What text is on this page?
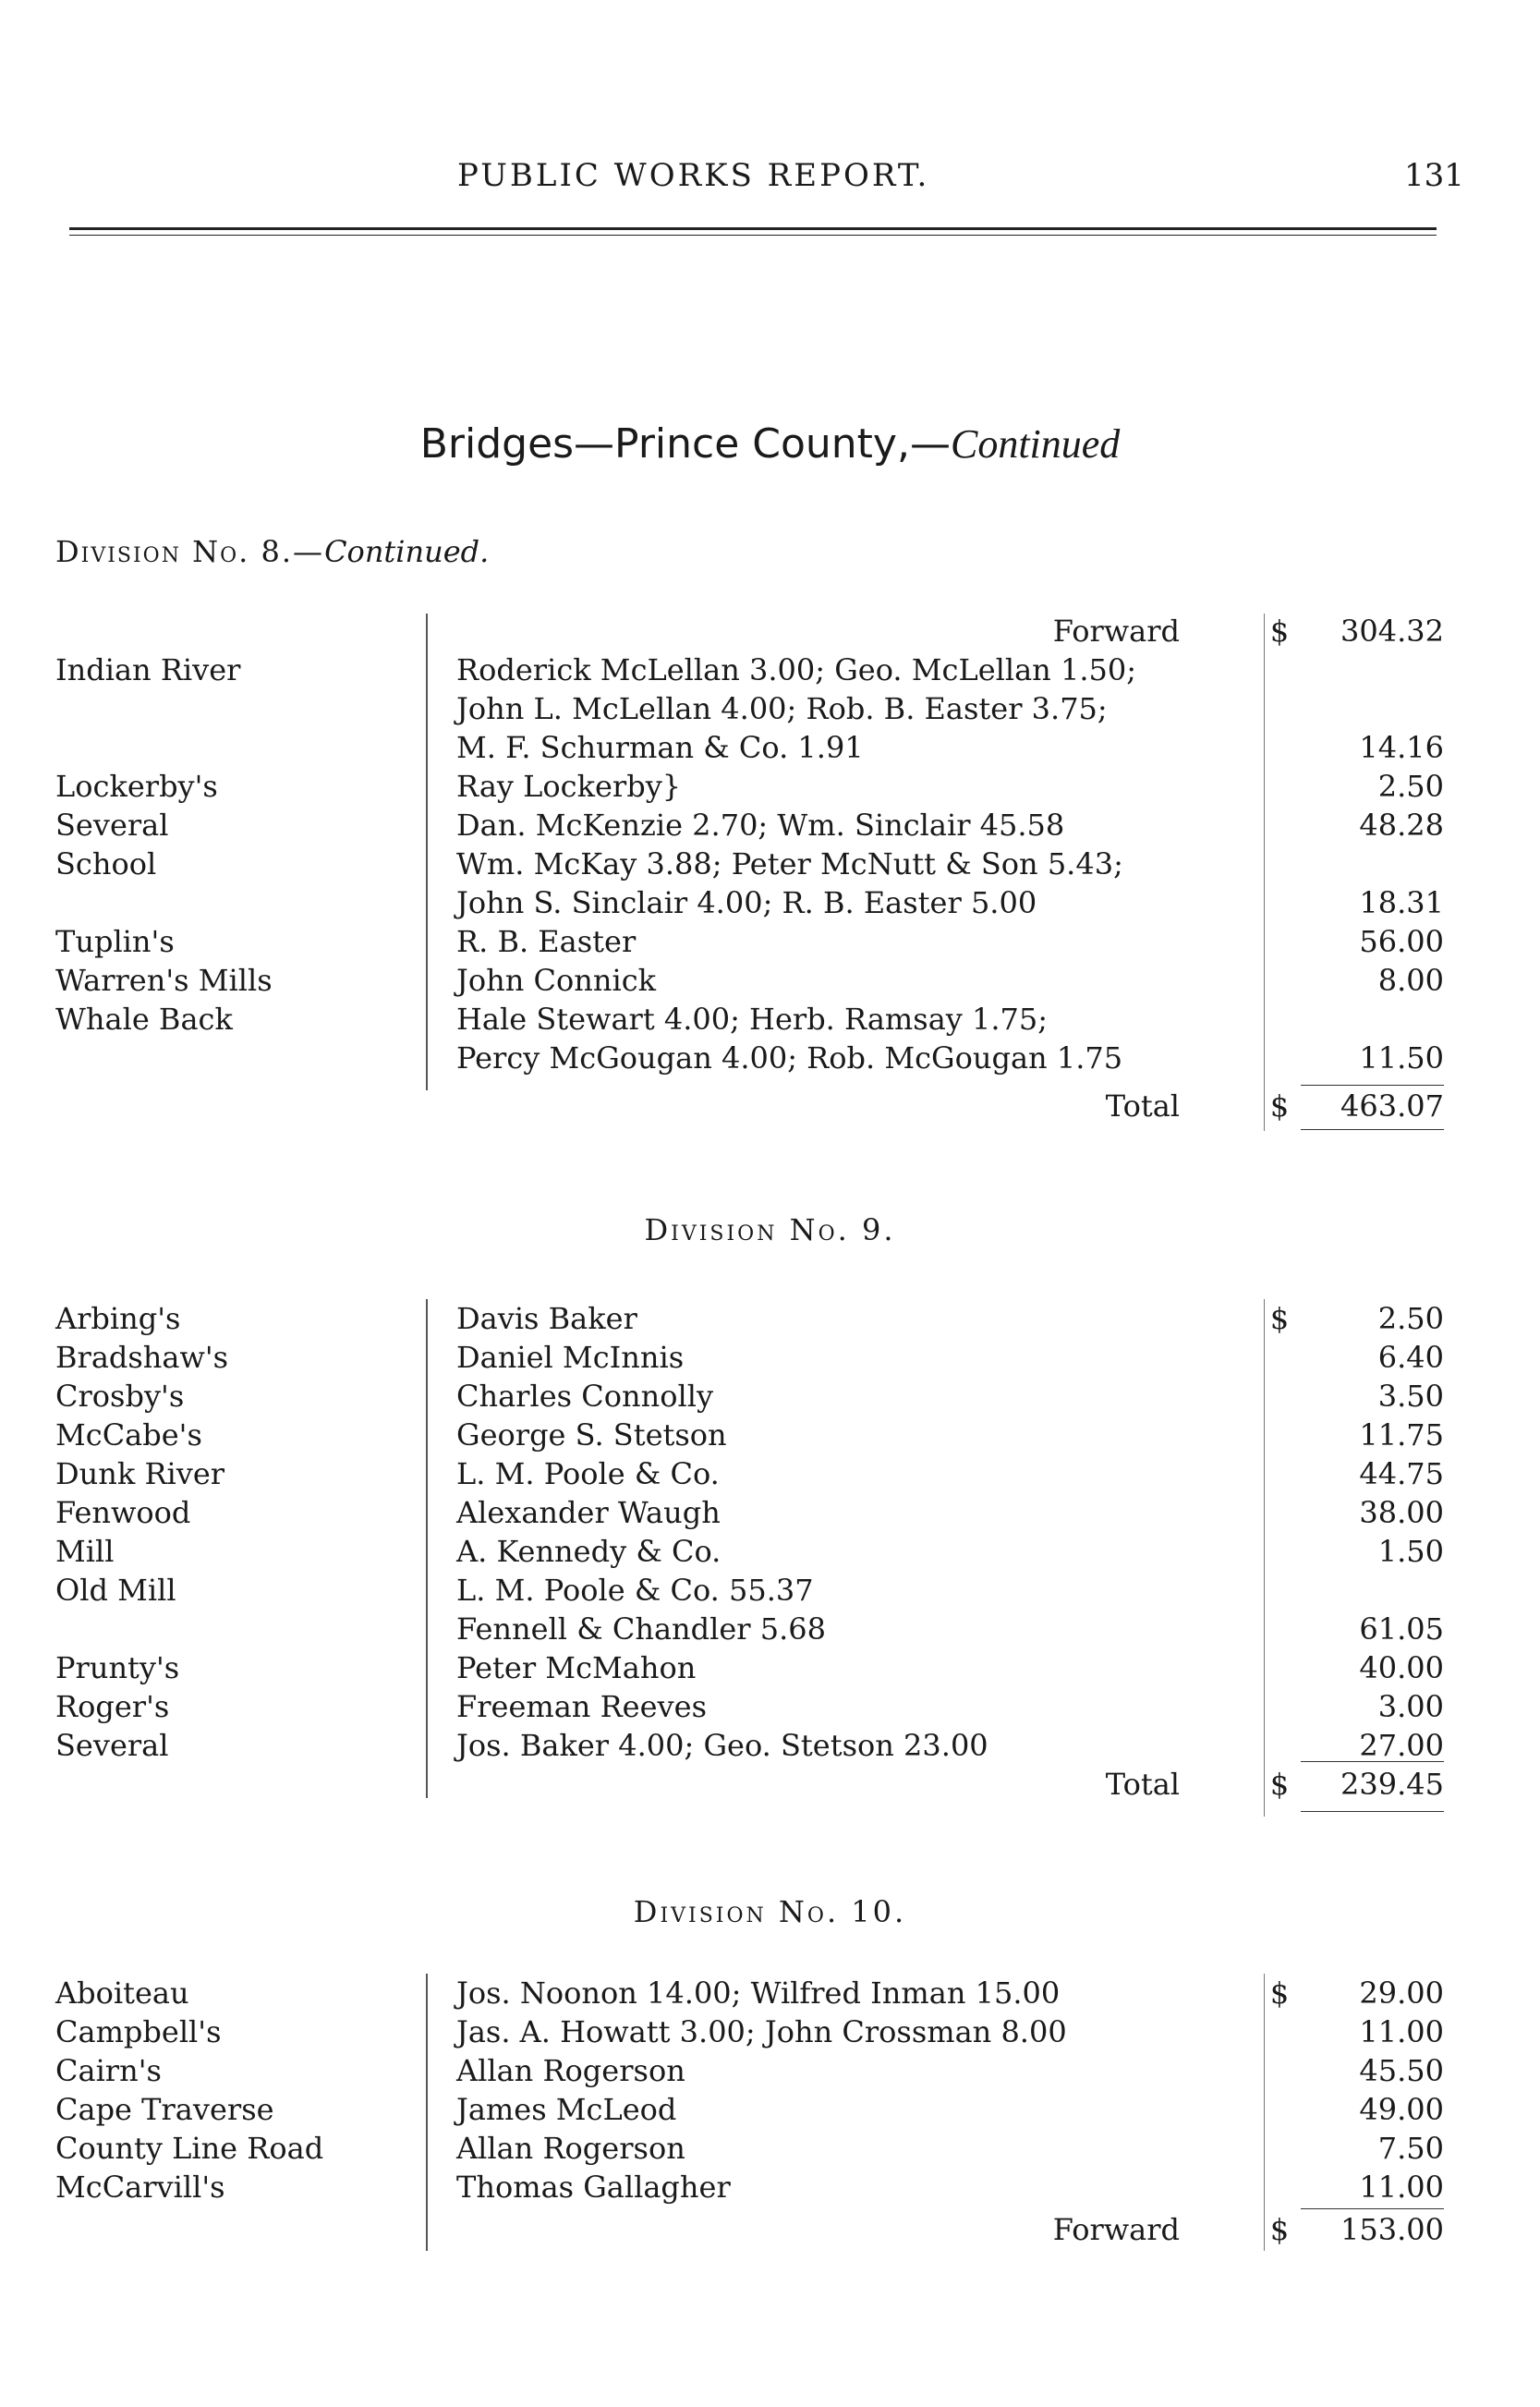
PUBLIC WORKS REPORT.	131
Bridges—Prince County,—Continued
Division No. 8.—Continued.
Forward	$ 304.32
Indian River	Roderick McLellan 3.00; Geo. McLellan 1.50;
John L. McLellan 4.00; Rob. B. Easter 3.75;
M. F. Schurman & Co. 1.91	14.16
Lockerby's	Ray Lockerby}	2.50
Several	Dan. McKenzie 2.70; Wm. Sinclair 45.58	48.28
School	Wm. McKay 3.88; Peter McNutt & Son 5.43;
John S. Sinclair 4.00; R. B. Easter 5.00	18.31
Tuplin's	R. B. Easter	56.00
Warren's Mills	John Connick	8.00
Whale Back	Hale Stewart 4.00; Herb. Ramsay 1.75;
Percy McGougan 4.00; Rob. McGougan 1.75	11.50
Total	$ 463.07
Division No. 9.
Arbing's	Davis Baker	$	2.50
Bradshaw's	Daniel McInnis	6.40
Crosby's	Charles Connolly	3.50
McCabe's	George S. Stetson	11.75
Dunk River	L. M. Poole & Co.	44.75
Fenwood	Alexander Waugh	38.00
Mill	A. Kennedy & Co.	1.50
Old Mill	L. M. Poole & Co. 55.37
Fennell & Chandler 5.68	61.05
Prunty's	Peter McMahon	40.00
Roger's	Freeman Reeves	3.00
Several	Jos. Baker 4.00; Geo. Stetson 23.00	27.00
Total	$ 239.45
Division No. 10.
Aboiteau	Jos. Noonon 14.00; Wilfred Inman 15.00	$ 29.00
Campbell's	Jas. A. Howatt 3.00; John Crossman 8.00	11.00
Cairn's	Allan Rogerson	45.50
Cape Traverse	James McLeod	49.00
County Line Road	Allan Rogerson	7.50
McCarvill's	Thomas Gallagher	11.00
Forward	$ 153.00
